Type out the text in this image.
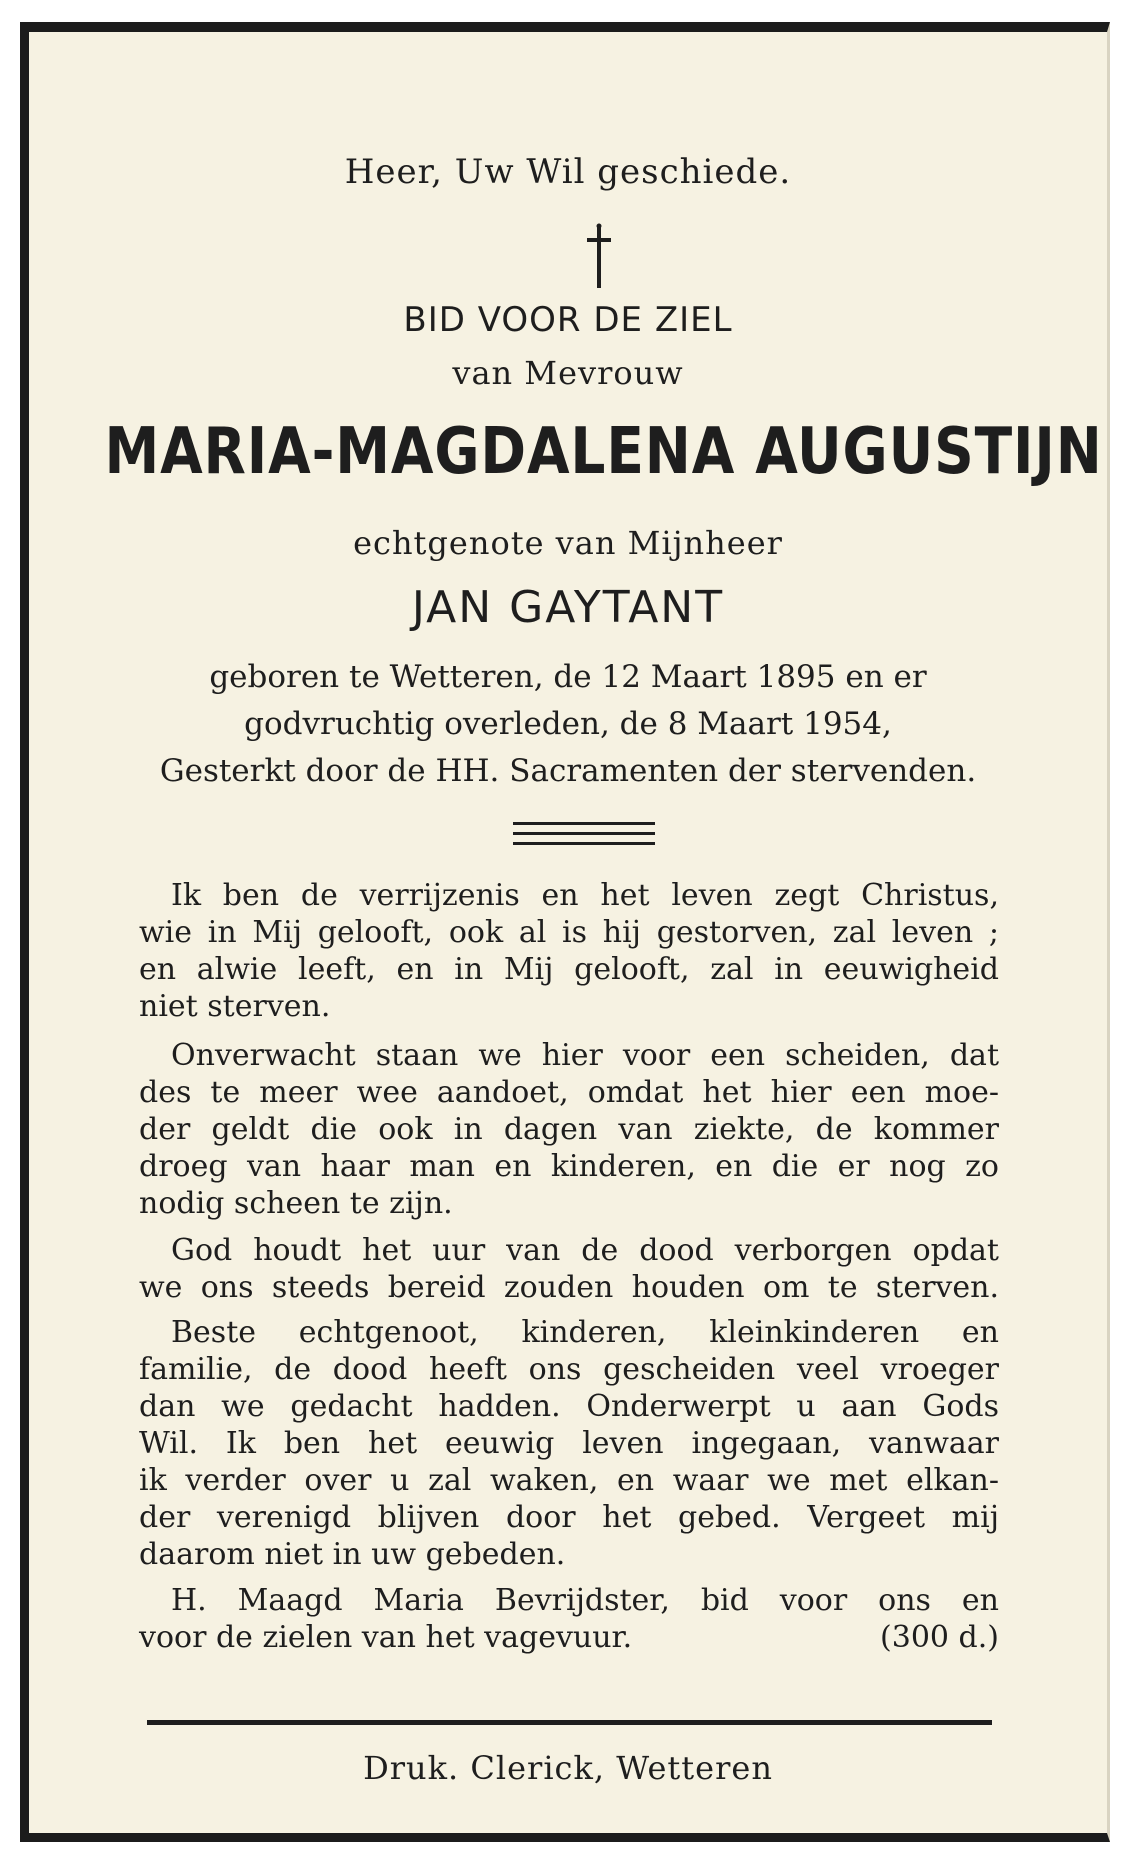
Heer, Uw Wil geschiede.
BID VOOR DE ZIEL
van Mevrouw
MARIA-MAGDALENA AUGUSTIJN
echtgenote van Mijnheer
JAN GAYTANT
geboren te Wetteren, de 12 Maart 1895 en er
godvruchtig overleden, de 8 Maart 1954,
Gesterkt door de HH. Sacramenten der stervenden.
Ik ben de verrijzenis en het leven zegt Christus,
wie in Mij gelooft, ook al is hij gestorven, zal leven ;
en alwie leeft, en in Mij gelooft, zal in eeuwigheid
niet sterven.
Onverwacht staan we hier voor een scheiden, dat
des te meer wee aandoet, omdat het hier een moe-
der geldt die ook in dagen van ziekte, de kommer
droeg van haar man en kinderen, en die er nog zo
nodig scheen te zijn.
God houdt het uur van de dood verborgen opdat
we ons steeds bereid zouden houden om te sterven.
Beste echtgenoot, kinderen, kleinkinderen en
familie, de dood heeft ons gescheiden veel vroeger
dan we gedacht hadden. Onderwerpt u aan Gods
Wil. Ik ben het eeuwig leven ingegaan, vanwaar
ik verder over u zal waken, en waar we met elkan-
der verenigd blijven door het gebed. Vergeet mij
daarom niet in uw gebeden.
H. Maagd Maria Bevrijdster, bid voor ons en
voor de zielen van het vagevuur.	(300 d.)
Druk. Clerick, Wetteren
